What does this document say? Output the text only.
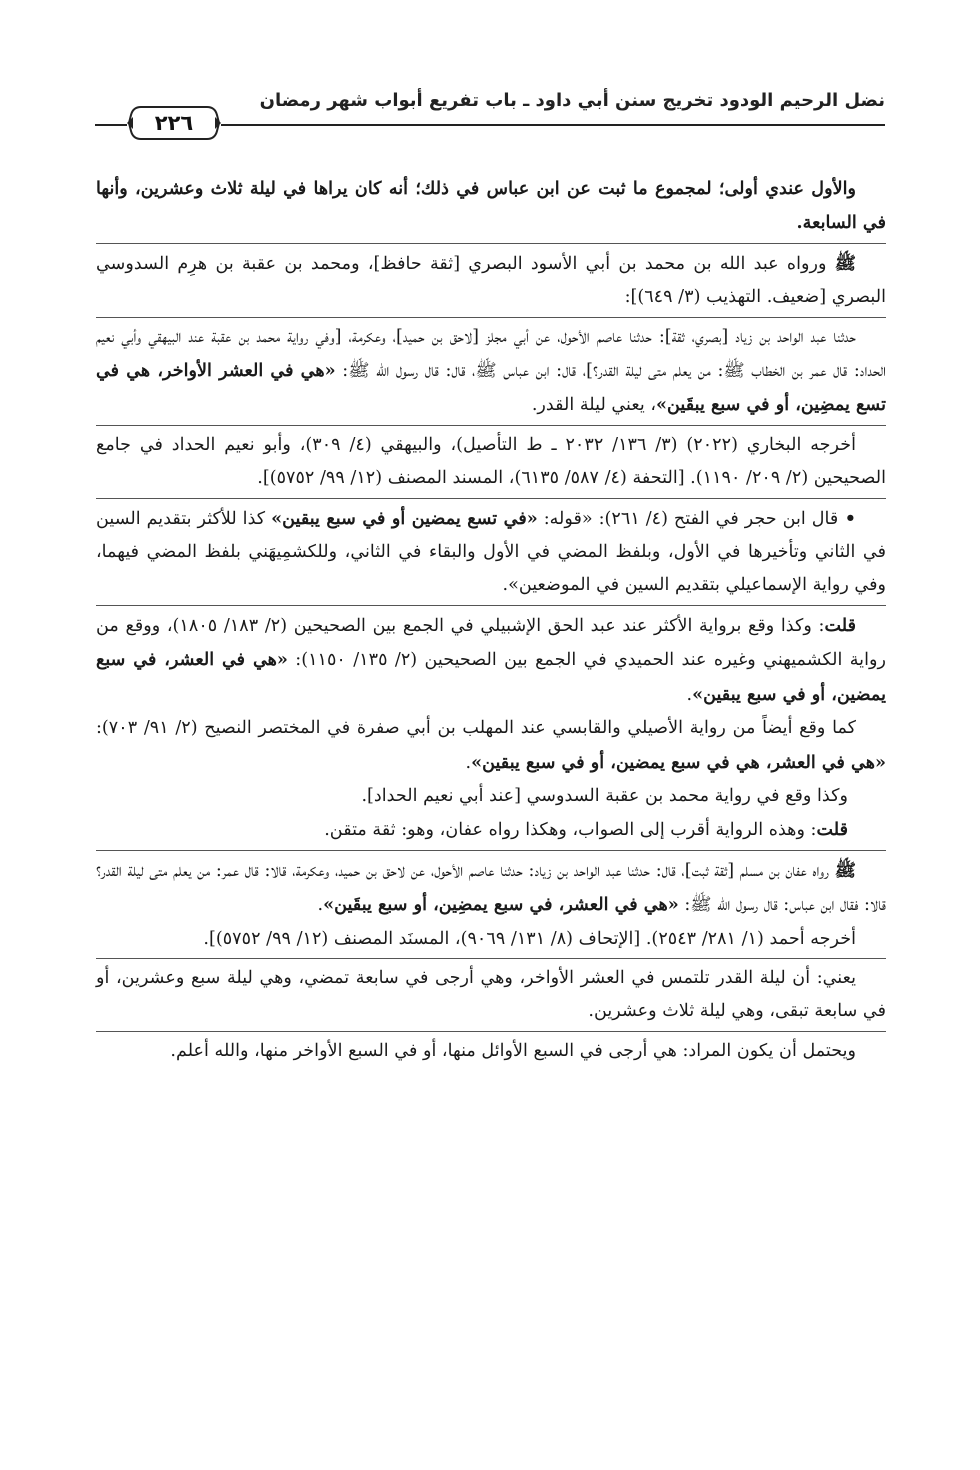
نضل الرحيم الودود تخريج سنن أبي داود ـ باب تفريع أبواب شهر رمضان
٢٢٦

والأول عندي أولى؛ لمجموع ما ثبت عن ابن عباس في ذلك؛ أنه كان يراها في ليلة ثلاث وعشرين، وأنها في السابعة.

ﷺ ورواه عبد الله بن محمد بن أبي الأسود البصري [ثقة حافظ]، ومحمد بن عقبة بن هرِم السدوسي البصري [ضعيف. التهذيب (٣/ ٦٤٩)]:

حدثنا عبد الواحد بن زياد [بصري، ثقة]: حدثنا عاصم الأحول، عن أبي مجلز [لاحق بن حميد]، وعكرمة، [وفي رواية محمد بن عقبة عند البيهقي وأبي نعيم الحداد: قال عمر بن الخطاب ﷺ: من يعلم متى ليلة القدر؟]، قال: ابن عباس ﷺ، قال: قال رسول الله ﷺ: «هي في العشر الأواخر، هي في تسع يمضِين، أو في سبع يبقَين»، يعني ليلة القدر.

أخرجه البخاري (٢٠٢٢) (٣/ ١٣٦/ ٢٠٣٢ ـ ط التأصيل)، والبيهقي (٤/ ٣٠٩)، وأبو نعيم الحداد في جامع الصحيحين (٢/ ٢٠٩/ ١١٩٠). [التحفة (٤/ ٥٨٧/ ٦١٣٥)، المسند المصنف (١٢/ ٩٩/ ٥٧٥٢)].

• قال ابن حجر في الفتح (٤/ ٢٦١): «قوله: «في تسع يمضين أو في سبع يبقين» كذا للأكثر بتقديم السين في الثاني وتأخيرها في الأول، وبلفظ المضي في الأول والبقاء في الثاني، وللكشمِيهَني بلفظ المضي فيهما، وفي رواية الإسماعيلي بتقديم السين في الموضعين».

قلت: وكذا وقع برواية الأكثر عند عبد الحق الإشبيلي في الجمع بين الصحيحين (٢/ ١٨٣/ ١٨٠٥)، ووقع من رواية الكشميهني وغيره عند الحميدي في الجمع بين الصحيحين (٢/ ١٣٥/ ١١٥٠): «هي في العشر، في سبع يمضين، أو في سبع يبقين».

كما وقع أيضاً من رواية الأصيلي والقابسي عند المهلب بن أبي صفرة في المختصر النصيح (٢/ ٩١/ ٧٠٣): «هي في العشر، هي في سبع يمضين، أو في سبع يبقين».

وكذا وقع في رواية محمد بن عقبة السدوسي [عند أبي نعيم الحداد].

قلت: وهذه الرواية أقرب إلى الصواب، وهكذا رواه عفان، وهو: ثقة متقن.

ﷺ رواه عفان بن مسلم [ثقة ثبت]، قال: حدثنا عبد الواحد بن زياد: حدثنا عاصم الأحول، عن لاحق بن حميد، وعكرمة، قالا: قال عمر: من يعلم متى ليلة القدر؟ قالا: فقال ابن عباس: قال رسول الله ﷺ: «هي في العشر، في سبع يمضِين، أو سبع يبقَين».

أخرجه أحمد (١/ ٢٨١/ ٢٥٤٣). [الإتحاف (٨/ ١٣١/ ٩٠٦٩)، المسنَد المصنف (١٢/ ٩٩/ ٥٧٥٢)].

يعني: أن ليلة القدر تلتمس في العشر الأواخر، وهي أرجى في سابعة تمضي، وهي ليلة سبع وعشرين، أو في سابعة تبقى، وهي ليلة ثلاث وعشرين.

ويحتمل أن يكون المراد: هي أرجى في السبع الأوائل منها، أو في السبع الأواخر منها، والله أعلم.
